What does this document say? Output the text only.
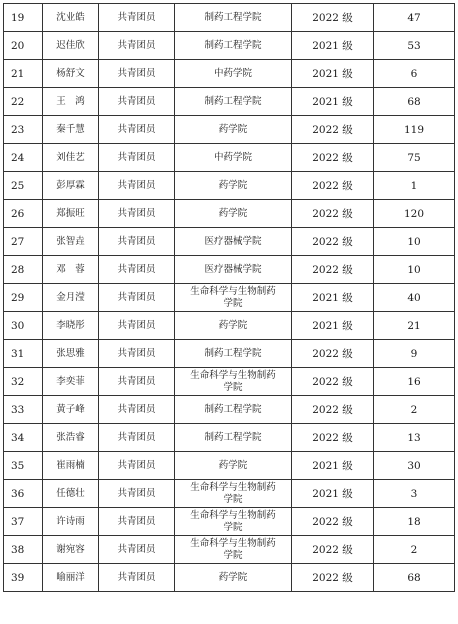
19	沈业皓	共青团员	制药工程学院	2022 级	47
20	迟佳欣	共青团员	制药工程学院	2021 级	53
21	杨舒文	共青团员	中药学院	2021 级	6
22	王　鸿	共青团员	制药工程学院	2021 级	68
23	秦千慧	共青团员	药学院	2022 级	119
24	刘佳艺	共青团员	中药学院	2022 级	75
25	彭厚霖	共青团员	药学院	2022 级	1
26	郑振旺	共青团员	药学院	2022 级	120
27	张智垚	共青团员	医疗器械学院	2022 级	10
28	邓　蓉	共青团员	医疗器械学院	2022 级	10
29	金月滢	共青团员	生命科学与生物制药学院	2021 级	40
30	李晓彤	共青团员	药学院	2021 级	21
31	张思雅	共青团员	制药工程学院	2022 级	9
32	李奕菲	共青团员	生命科学与生物制药学院	2022 级	16
33	黄子峰	共青团员	制药工程学院	2022 级	2
34	张浩睿	共青团员	制药工程学院	2022 级	13
35	崔雨楠	共青团员	药学院	2021 级	30
36	任德壮	共青团员	生命科学与生物制药学院	2021 级	3
37	许诗雨	共青团员	生命科学与生物制药学院	2022 级	18
38	谢宛容	共青团员	生命科学与生物制药学院	2022 级	2
39	喻丽洋	共青团员	药学院	2022 级	68
